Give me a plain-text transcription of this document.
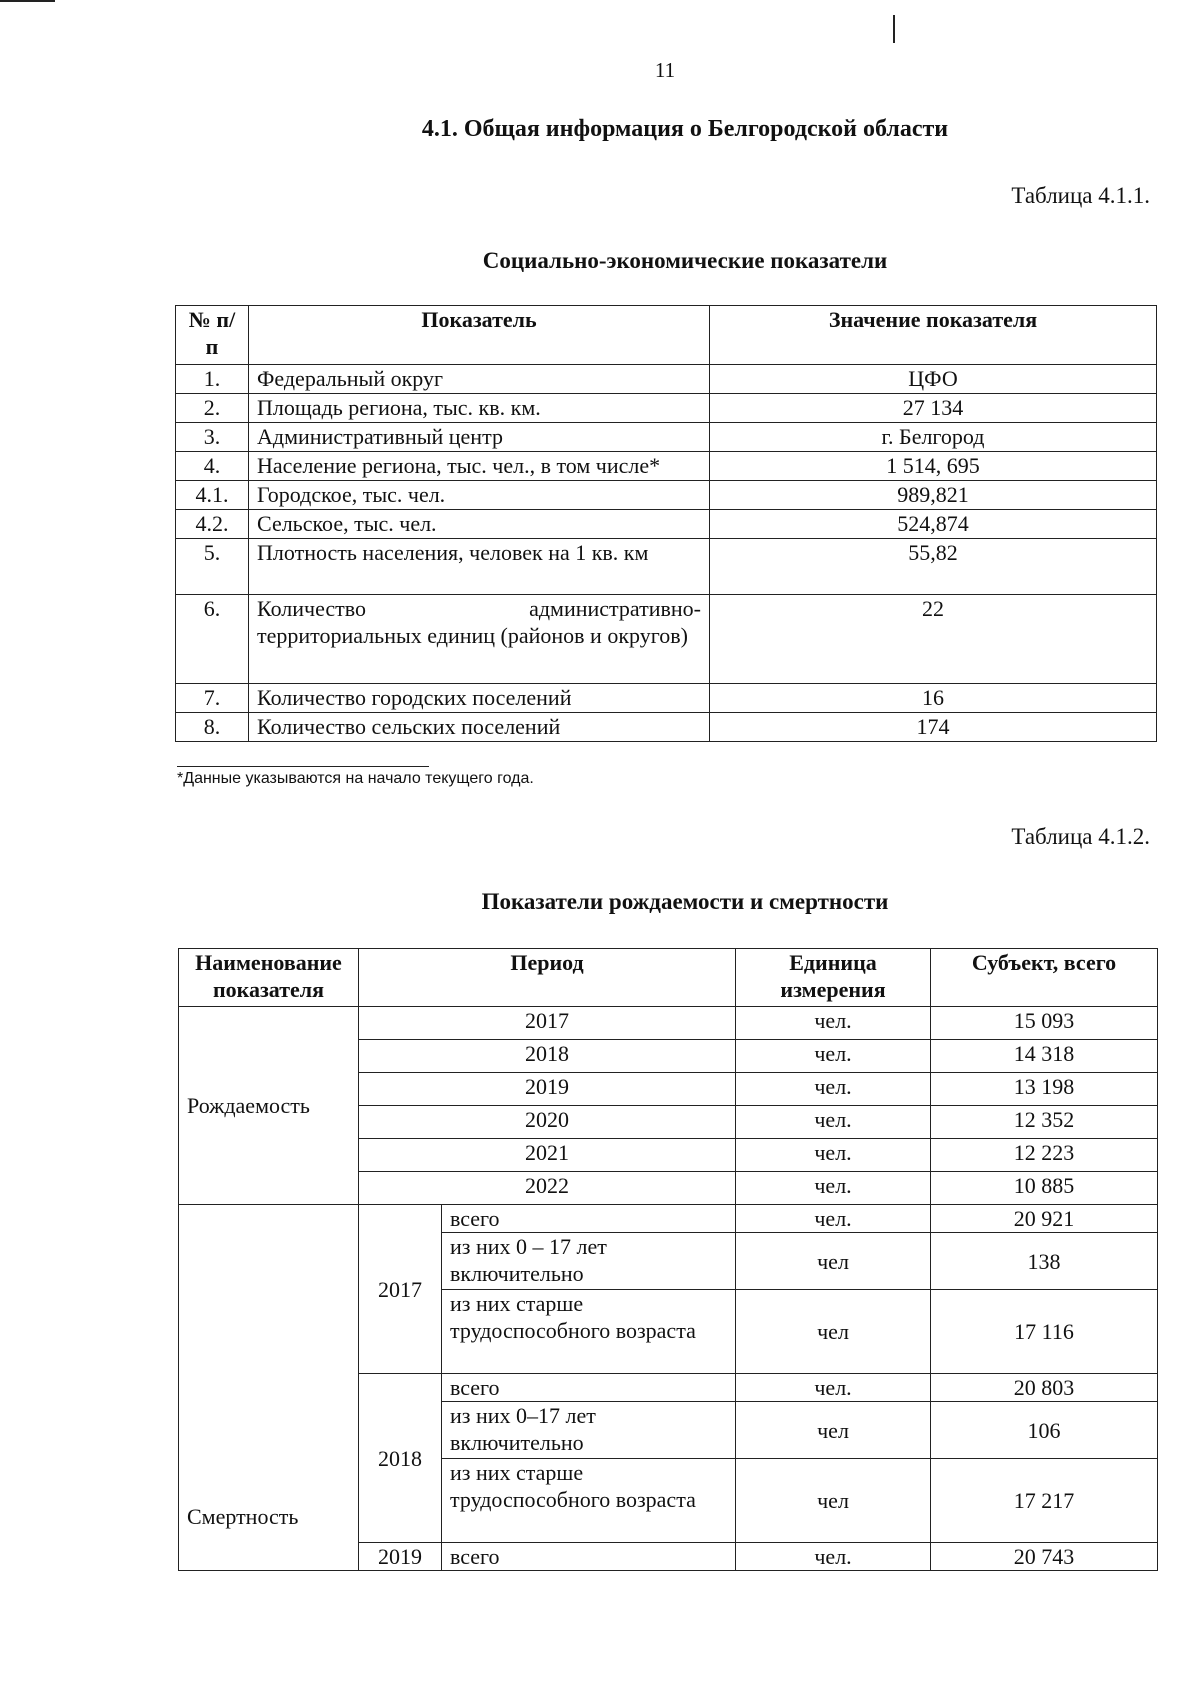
11
4.1. Общая информация о Белгородской области
Таблица 4.1.1.
Социально-экономические показатели
№ п/п	Показатель	Значение показателя
1.	Федеральный округ	ЦФО
2.	Площадь региона, тыс. кв. км.	27 134
3.	Административный центр	г. Белгород
4.	Население региона, тыс. чел., в том числе*	1 514, 695
4.1.	Городское, тыс. чел.	989,821
4.2.	Сельское, тыс. чел.	524,874
5.	Плотность населения, человек на 1 кв. км	55,82
6.	Количество административно-территориальных единиц (районов и округов)	22
7.	Количество городских поселений	16
8.	Количество сельских поселений	174
*Данные указываются на начало текущего года.
Таблица 4.1.2.
Показатели рождаемости и смертности
Наименование показателя	Период		Единица измерения	Субъект, всего
Рождаемость	2017		чел.	15 093
	2018		чел.	14 318
	2019		чел.	13 198
	2020		чел.	12 352
	2021		чел.	12 223
	2022		чел.	10 885
Смертность	2017	всего	чел.	20 921
		из них 0 – 17 лет включительно	чел	138
		из них старше трудоспособного возраста	чел	17 116
	2018	всего	чел.	20 803
		из них 0–17 лет включительно	чел	106
		из них старше трудоспособного возраста	чел	17 217
	2019	всего	чел.	20 743
